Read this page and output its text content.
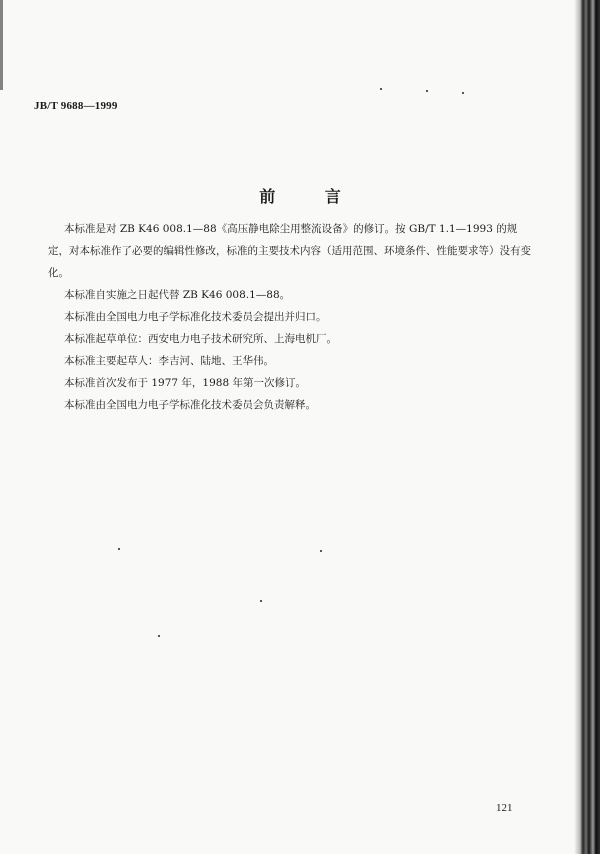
JB/T 9688—1999
前 言

本标准是对 ZB K46 008.1—88《高压静电除尘用整流设备》的修订。按 GB/T 1.1—1993 的规定，对本标准作了必要的编辑性修改，标准的主要技术内容（适用范围、环境条件、性能要求等）没有变化。

本标准自实施之日起代替 ZB K46 008.1—88。

本标准由全国电力电子学标准化技术委员会提出并归口。

本标准起草单位：西安电力电子技术研究所、上海电机厂。

本标准主要起草人：李吉河、陆地、王华伟。

本标准首次发布于 1977 年，1988 年第一次修订。

本标准由全国电力电子学标准化技术委员会负责解释。

121
